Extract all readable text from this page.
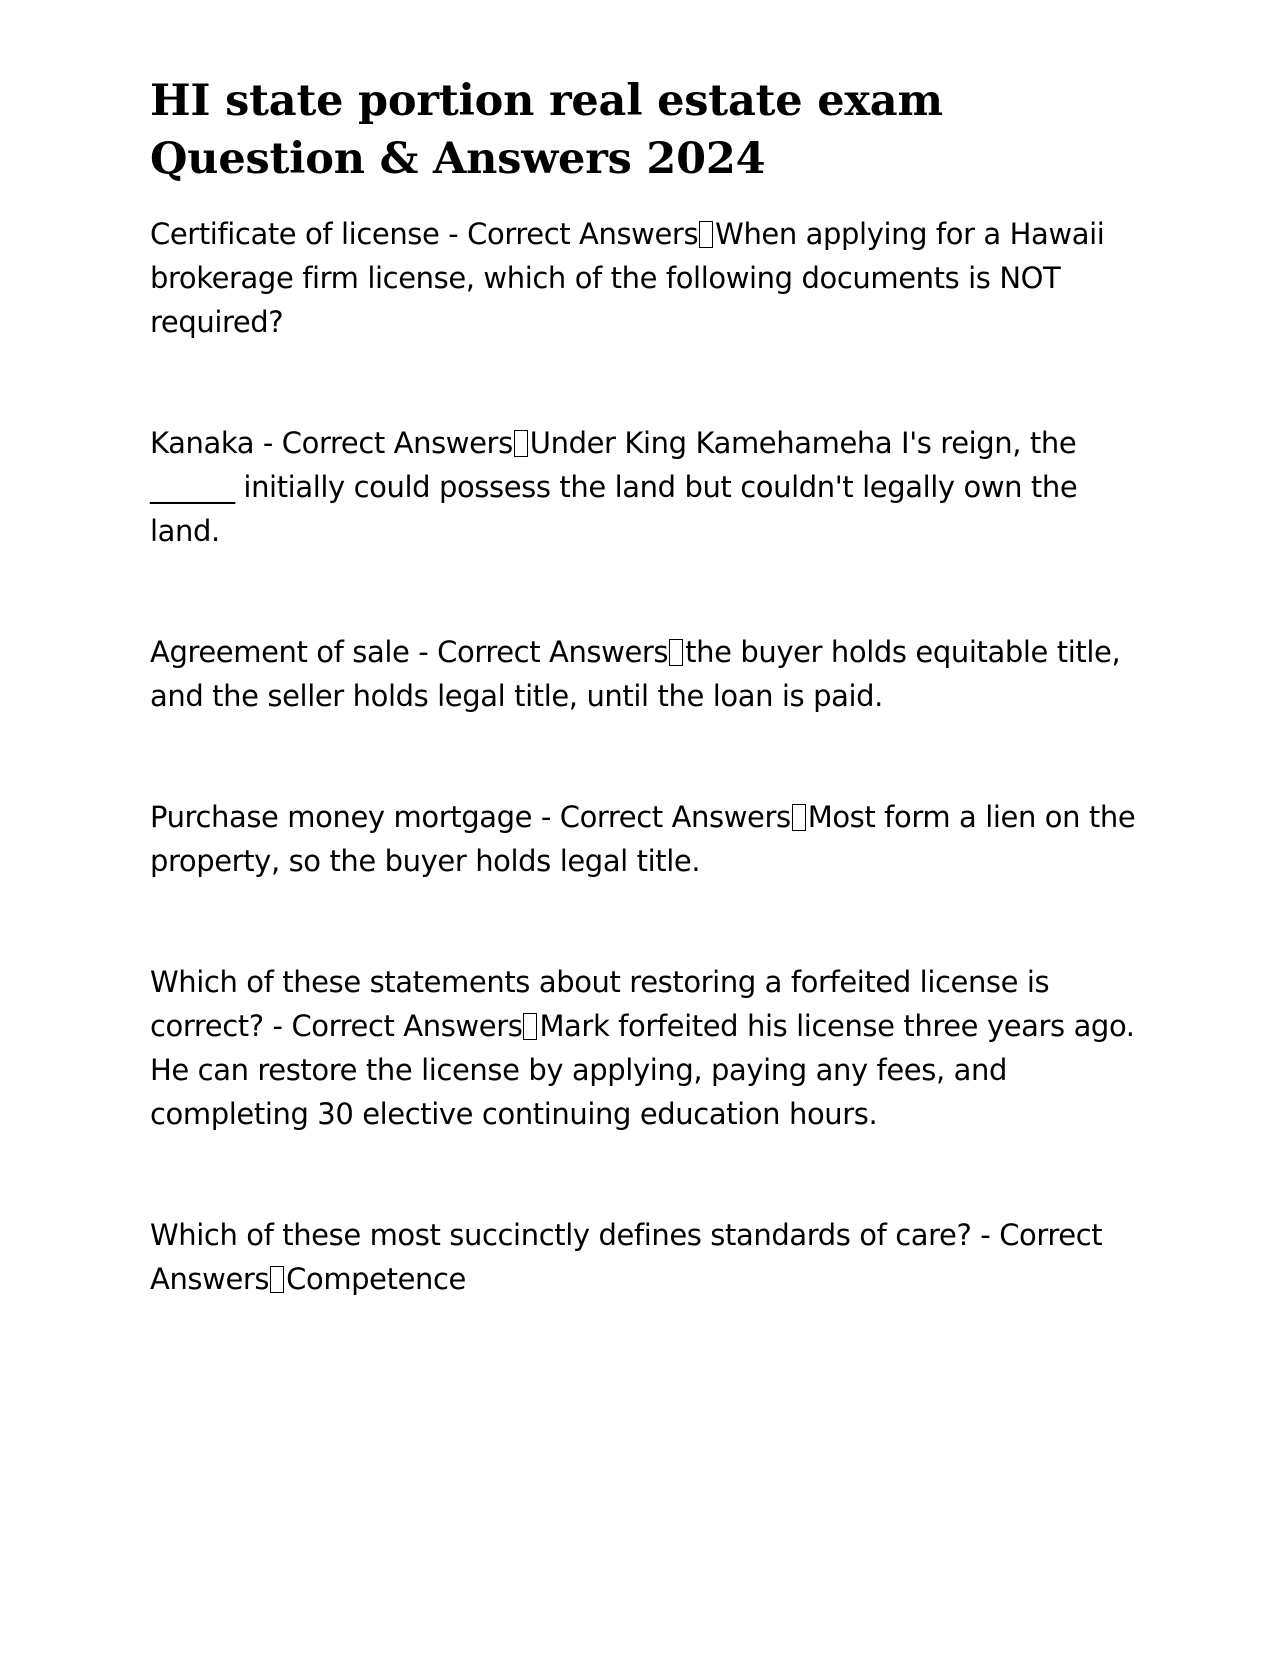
HI state portion real estate exam Question & Answers 2024
Certificate of license - Correct Answers When applying for a Hawaii brokerage firm license, which of the following documents is NOT required?
Kanaka - Correct Answers Under King Kamehameha I's reign, the ______ initially could possess the land but couldn't legally own the land.
Agreement of sale - Correct Answers the buyer holds equitable title, and the seller holds legal title, until the loan is paid.
Purchase money mortgage - Correct Answers Most form a lien on the property, so the buyer holds legal title.
Which of these statements about restoring a forfeited license is correct? - Correct Answers Mark forfeited his license three years ago. He can restore the license by applying, paying any fees, and completing 30 elective continuing education hours.
Which of these most succinctly defines standards of care? - Correct Answers Competence
